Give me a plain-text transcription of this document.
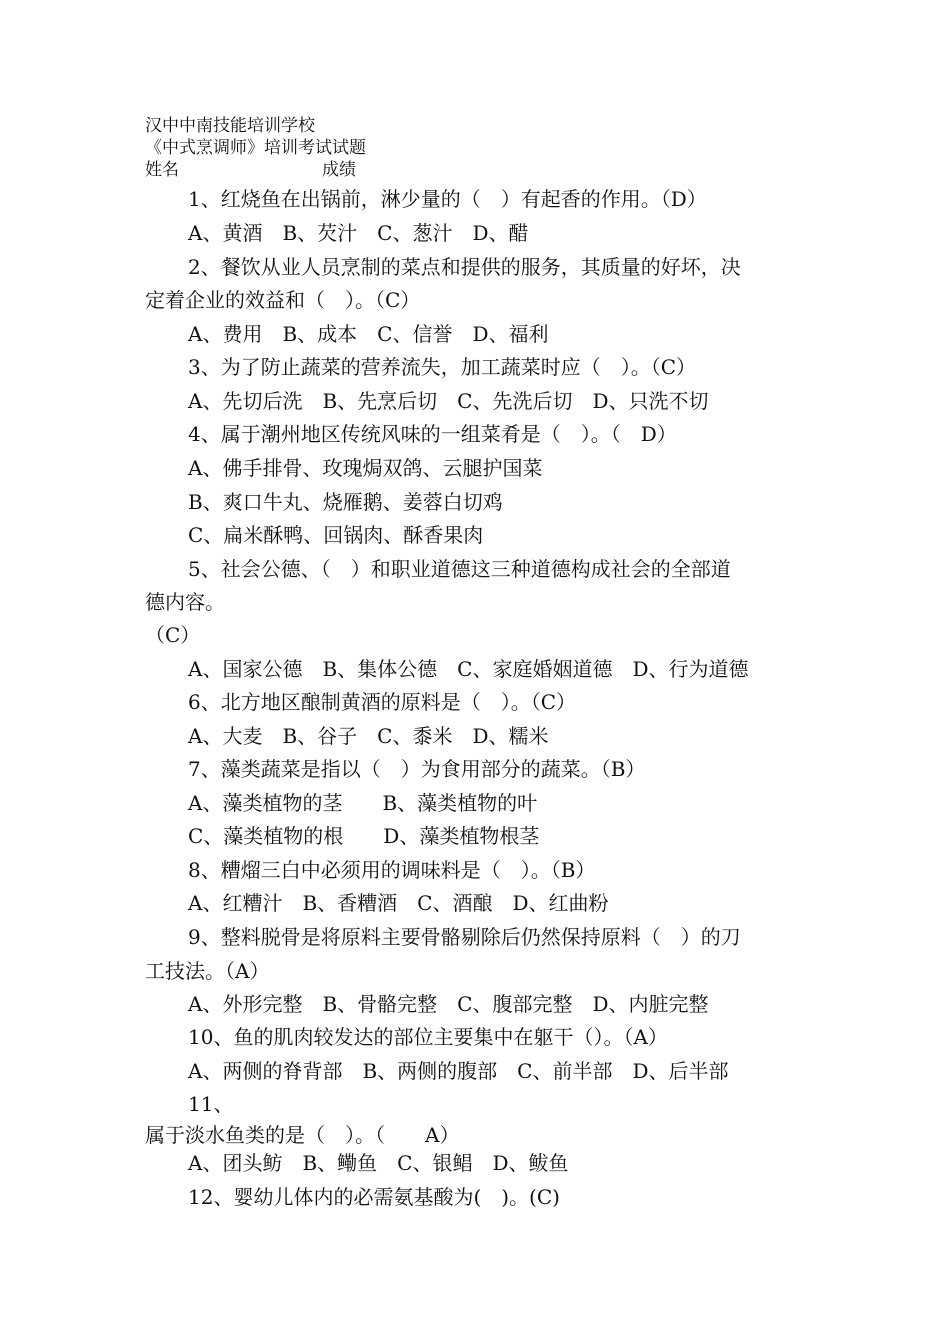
汉中中南技能培训学校
《中式烹调师》培训考试试题
姓名	成绩
1、红烧鱼在出锅前，淋少量的（　）有起香的作用。（D）
A、黄酒　B、芡汁　C、葱汁　D、醋
2、餐饮从业人员烹制的菜点和提供的服务，其质量的好坏，决
定着企业的效益和（　）。（C）
A、费用　B、成本　C、信誉　D、福利
3、为了防止蔬菜的营养流失，加工蔬菜时应（　）。（C）
A、先切后洗　B、先烹后切　C、先洗后切　D、只洗不切
4、属于潮州地区传统风味的一组菜肴是（　）。（　D）
A、佛手排骨、玫瑰焗双鸽、云腿护国菜
B、爽口牛丸、烧雁鹅、姜蓉白切鸡
C、扁米酥鸭、回锅肉、酥香果肉
5、社会公德、（　）和职业道德这三种道德构成社会的全部道
德内容。
（C）
A、国家公德　B、集体公德　C、家庭婚姻道德　D、行为道德
6、北方地区酿制黄酒的原料是（　）。（C）
A、大麦　B、谷子　C、黍米　D、糯米
7、藻类蔬菜是指以（　）为食用部分的蔬菜。（B）
A、藻类植物的茎　　B、藻类植物的叶
C、藻类植物的根　　D、藻类植物根茎
8、糟熘三白中必须用的调味料是（　）。（B）
A、红糟汁　B、香糟酒　C、酒酿　D、红曲粉
9、整料脱骨是将原料主要骨骼剔除后仍然保持原料（　）的刀
工技法。（A）
A、外形完整　B、骨骼完整　C、腹部完整　D、内脏完整
10、鱼的肌肉较发达的部位主要集中在躯干（）。（A）
A、两侧的脊背部　B、两侧的腹部　C、前半部　D、后半部
11、
属于淡水鱼类的是（　）。（　　A）
A、团头鲂　B、鳓鱼　C、银鲳　D、鲅鱼
12、婴幼儿体内的必需氨基酸为(　)。(C)
